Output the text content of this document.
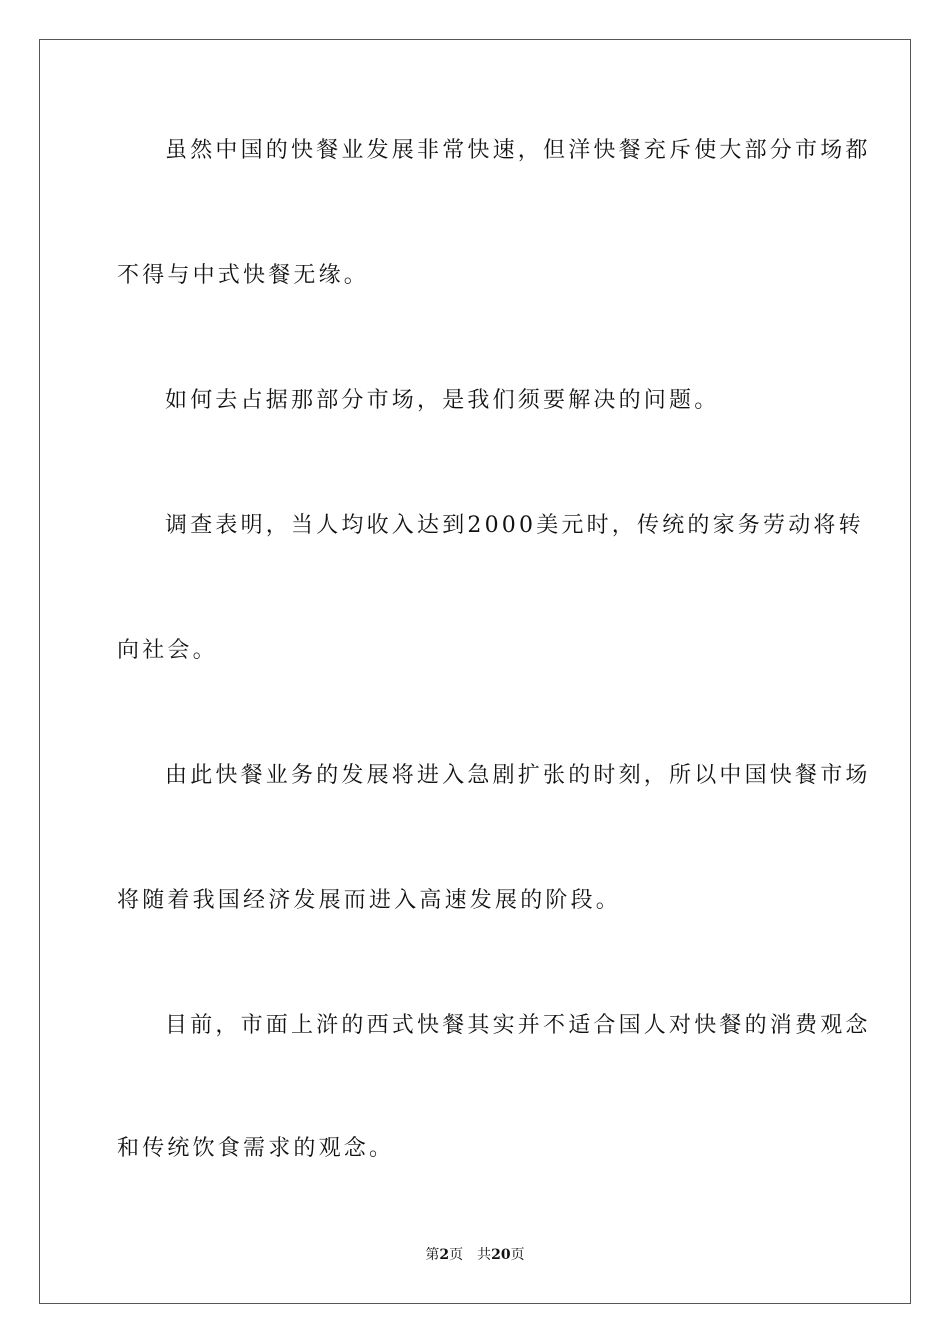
虽然中国的快餐业发展非常快速，但洋快餐充斥使大部分市场都
不得与中式快餐无缘。
如何去占据那部分市场，是我们须要解决的问题。
调查表明，当人均收入达到2000美元时，传统的家务劳动将转
向社会。
由此快餐业务的发展将进入急剧扩张的时刻，所以中国快餐市场
将随着我国经济发展而进入高速发展的阶段。
目前，市面上浒的西式快餐其实并不适合国人对快餐的消费观念
和传统饮食需求的观念。
第2页 共20页
